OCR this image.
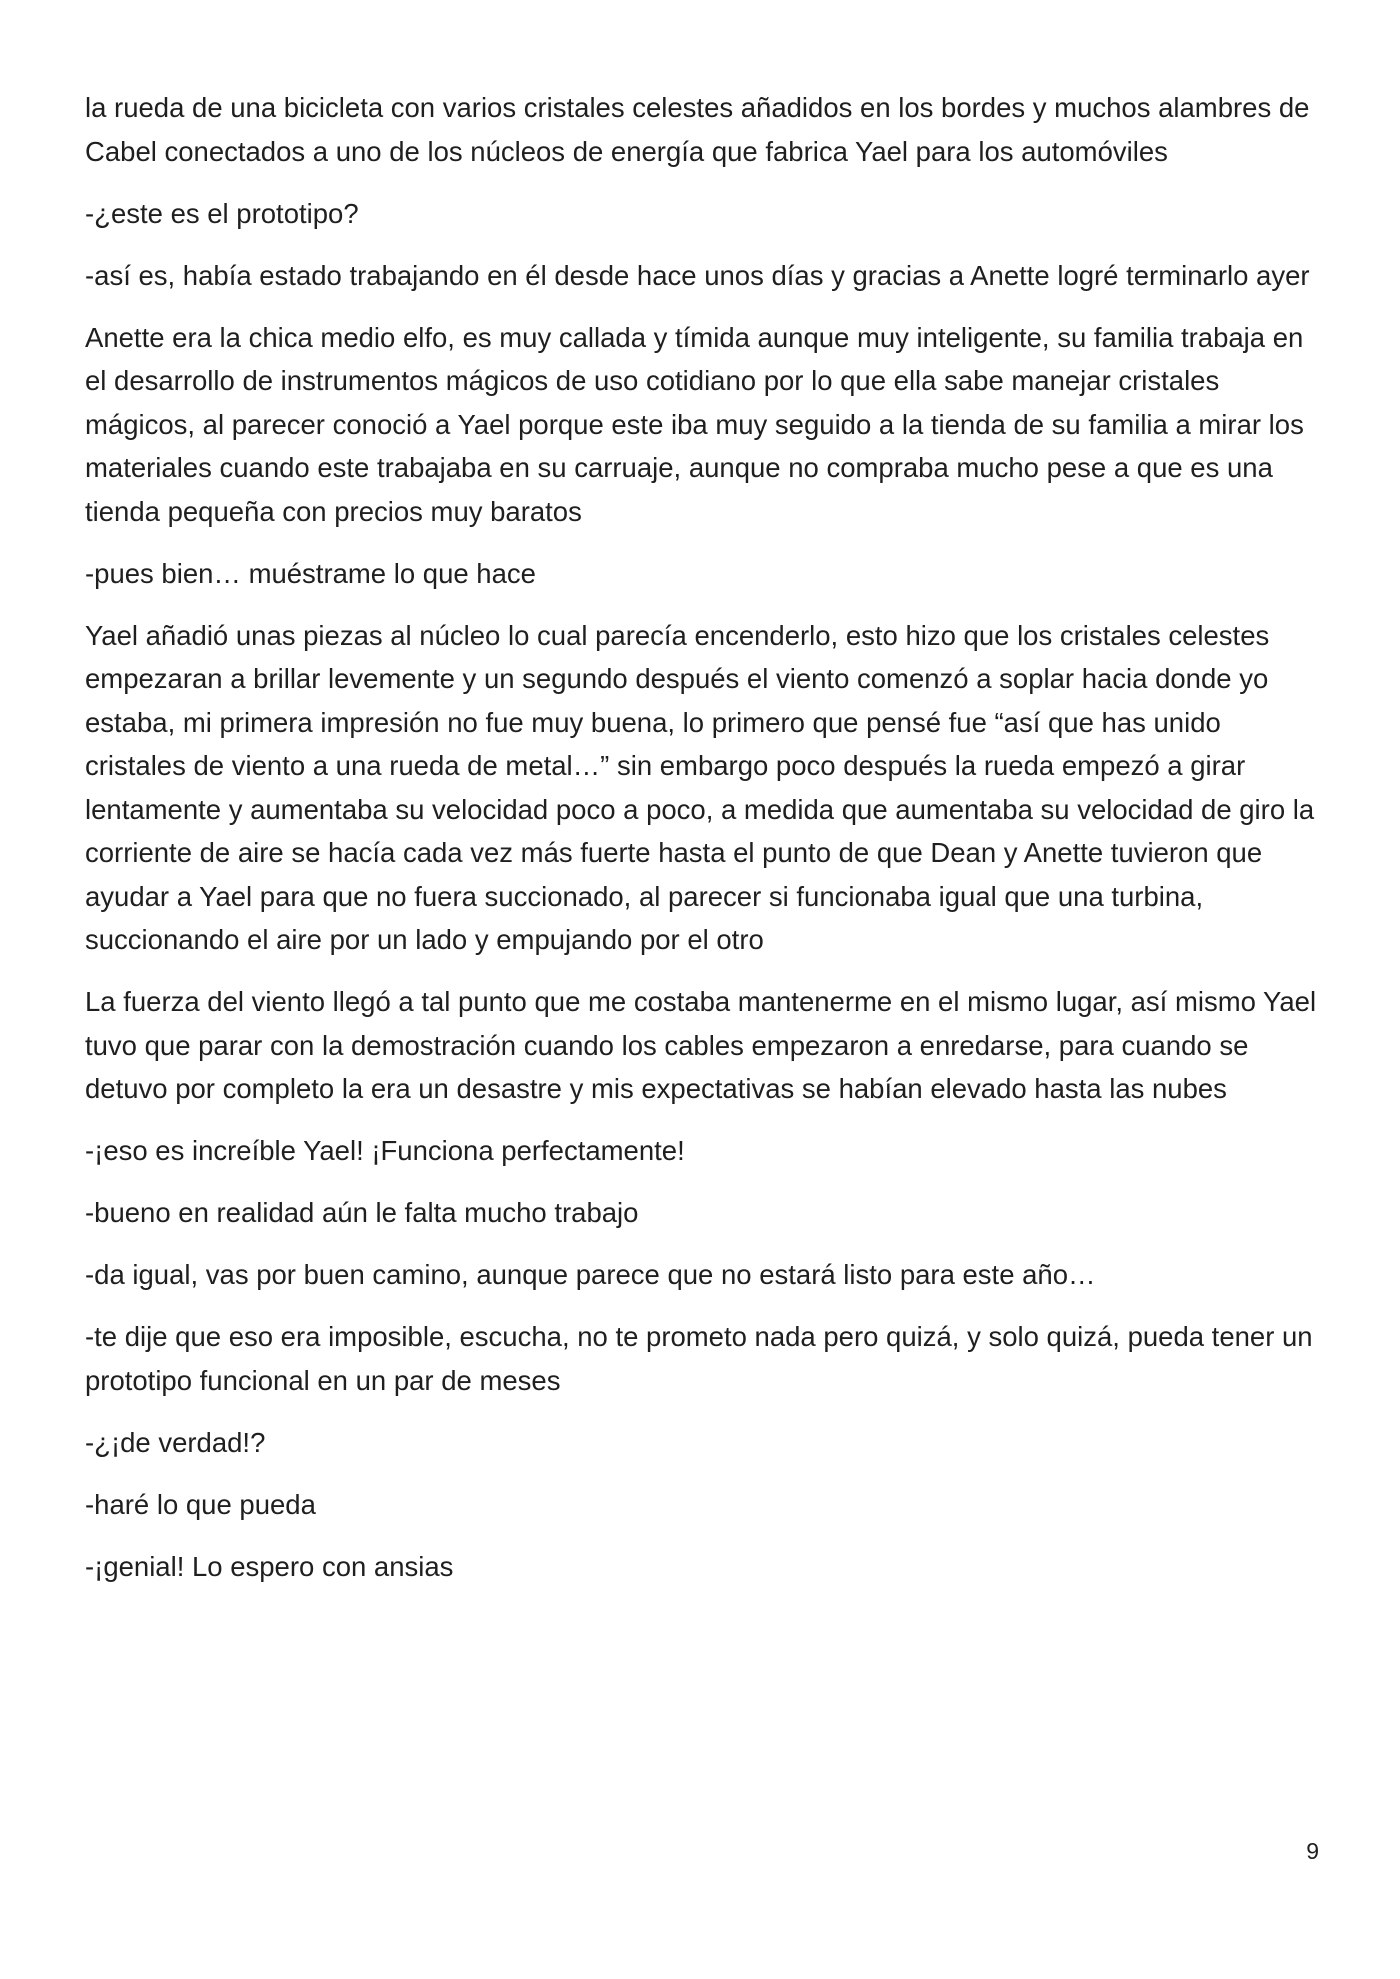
la rueda de una bicicleta con varios cristales celestes añadidos en los bordes y muchos alambres de Cabel conectados a uno de los núcleos de energía que fabrica Yael para los automóviles

-¿este es el prototipo?

-así es, había estado trabajando en él desde hace unos días y gracias a Anette logré terminarlo ayer

Anette era la chica medio elfo, es muy callada y tímida aunque muy inteligente, su familia trabaja en el desarrollo de instrumentos mágicos de uso cotidiano por lo que ella sabe manejar cristales mágicos, al parecer conoció a Yael porque este iba muy seguido a la tienda de su familia a mirar los materiales cuando este trabajaba en su carruaje, aunque no compraba mucho pese a que es una tienda pequeña con precios muy baratos

-pues bien… muéstrame lo que hace

Yael añadió unas piezas al núcleo lo cual parecía encenderlo, esto hizo que los cristales celestes empezaran a brillar levemente y un segundo después el viento comenzó a soplar hacia donde yo estaba, mi primera impresión no fue muy buena, lo primero que pensé fue “así que has unido cristales de viento a una rueda de metal…” sin embargo poco después la rueda empezó a girar lentamente y aumentaba su velocidad poco a poco, a medida que aumentaba su velocidad de giro la corriente de aire se hacía cada vez más fuerte hasta el punto de que Dean y Anette tuvieron que ayudar a Yael para que no fuera succionado, al parecer si funcionaba igual que una turbina, succionando el aire por un lado y empujando por el otro

La fuerza del viento llegó a tal punto que me costaba mantenerme en el mismo lugar, así mismo Yael tuvo que parar con la demostración cuando los cables empezaron a enredarse, para cuando se detuvo por completo la era un desastre y mis expectativas se habían elevado hasta las nubes

-¡eso es increíble Yael! ¡Funciona perfectamente!

-bueno en realidad aún le falta mucho trabajo

-da igual, vas por buen camino, aunque parece que no estará listo para este año…

-te dije que eso era imposible, escucha, no te prometo nada pero quizá, y solo quizá, pueda tener un prototipo funcional en un par de meses

-¿¡de verdad!?

-haré lo que pueda

-¡genial! Lo espero con ansias

9
